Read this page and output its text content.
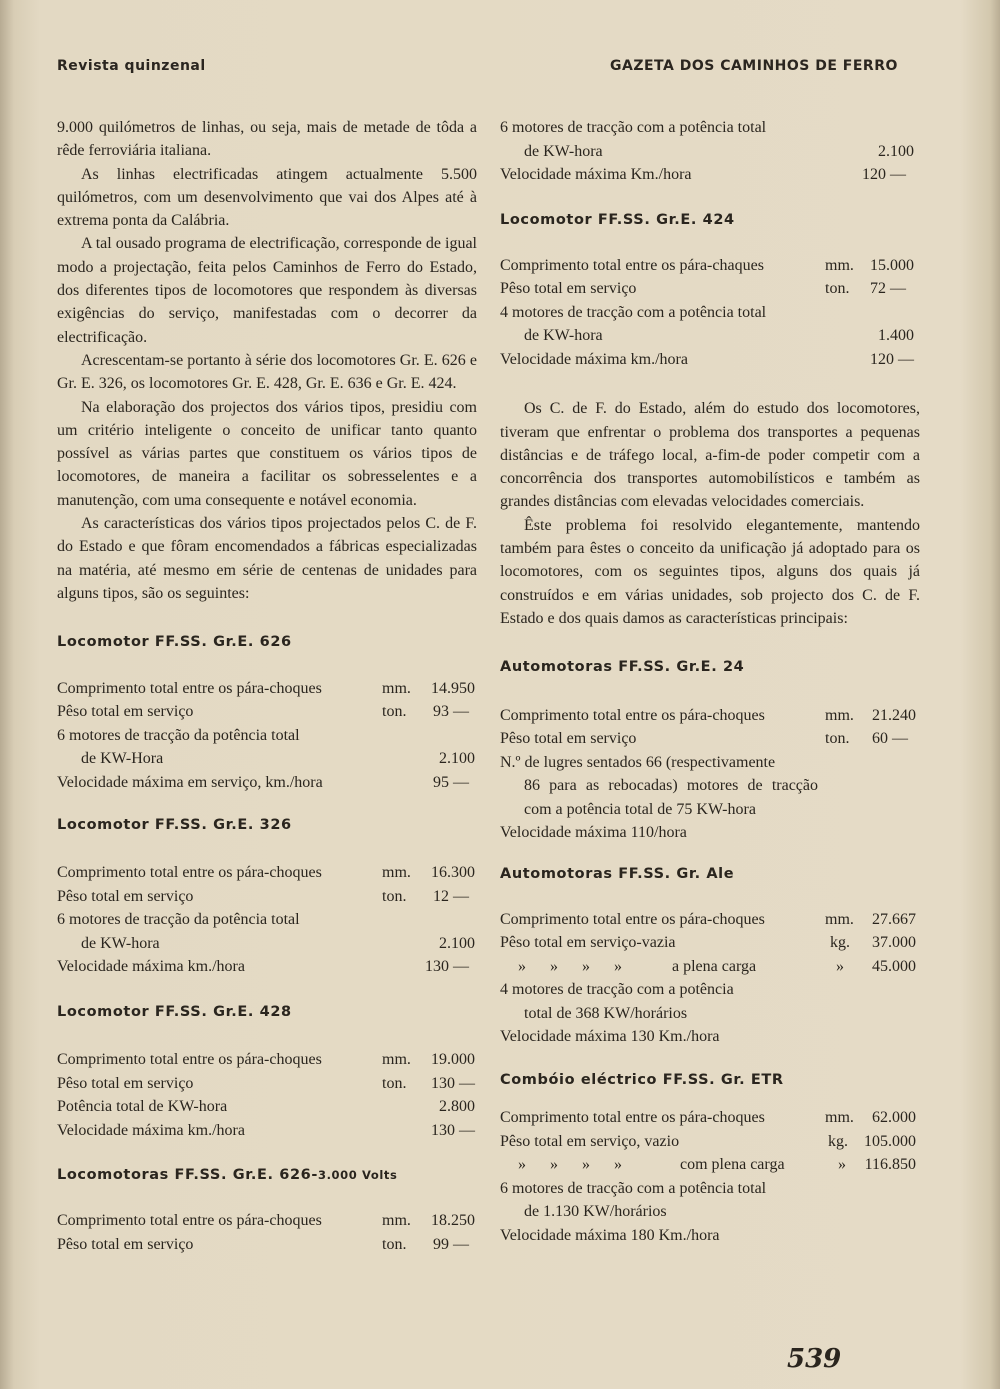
Revista quinzenal	GAZETA DOS CAMINHOS DE FERRO

9.000 quilómetros de linhas, ou seja, mais de metade de tôda a rêde ferroviária italiana.

As linhas electrificadas atingem actualmente 5.500 quilómetros, com um desenvolvimento que vai dos Alpes até à extrema ponta da Calábria.

A tal ousado programa de electrificação, corresponde de igual modo a projectação, feita pelos Caminhos de Ferro do Estado, dos diferentes tipos de locomotores que respondem às diversas exigências do serviço, manifestadas com o decorrer da electrificação.

Acrescentam-se portanto à série dos locomotores Gr. E. 626 e Gr. E. 326, os locomotores Gr. E. 428, Gr. E. 636 e Gr. E. 424.

Na elaboração dos projectos dos vários tipos, presidiu com um critério inteligente o conceito de unificar tanto quanto possível as várias partes que constituem os vários tipos de locomotores, de maneira a facilitar os sobresselentes e a manutenção, com uma consequente e notável economia.

As características dos vários tipos projectados pelos C. de F. do Estado e que fôram encomendados a fábricas especializadas na matéria, até mesmo em série de centenas de unidades para alguns tipos, são os seguintes:

Locomotor FF.SS. Gr.E. 626
Comprimento total entre os pára-choques	mm. 14.950
Pêso total em serviço	ton. 93 —
6 motores de tracção da potência total
de KW-Hora	2.100
Velocidade máxima em serviço, km./hora	95 —
Locomotor FF.SS. Gr.E. 326
Comprimento total entre os pára-choques	mm. 16.300
Pêso total em serviço	ton. 12 —
6 motores de tracção da potência total
de KW-hora	2.100
Velocidade máxima km./hora	130 —
Locomotor FF.SS. Gr.E. 428
Comprimento total entre os pára-choques	mm. 19.000
Pêso total em serviço	ton. 130 —
Potência total de KW-hora	2.800
Velocidade máxima km./hora	130 —
Locomotoras FF.SS. Gr.E. 626-3.000 Volts
Comprimento total entre os pára-choques	mm. 18.250
Pêso total em serviço	ton. 99 —
6 motores de tracção com a potência total
de KW-hora	2.100
Velocidade máxima Km./hora	120 —
Locomotor FF.SS. Gr.E. 424
Comprimento total entre os pára-chaques	mm. 15.000
Pêso total em serviço	ton. 72 —
4 motores de tracção com a potência total
de KW-hora	1.400
Velocidade máxima km./hora	120 —

Os C. de F. do Estado, além do estudo dos locomotores, tiveram que enfrentar o problema dos transportes a pequenas distâncias e de tráfego local, a-fim-de poder competir com a concorrência dos transportes automobilísticos e também as grandes distâncias com elevadas velocidades comerciais.

Êste problema foi resolvido elegantemente, mantendo também para êstes o conceito da unificação já adoptado para os locomotores, com os seguintes tipos, alguns dos quais já construídos e em várias unidades, sob projecto dos C. de F. Estado e dos quais damos as características principais:

Automotoras FF.SS. Gr.E. 24
Comprimento total entre os pára-choques	mm. 21.240
Pêso total em serviço	ton. 60 —
N.º de lugres sentados 66 (respectivamente
86 para as rebocadas) motores de tracção com a potência total de 75 KW-hora
Velocidade máxima 110/hora
Automotoras FF.SS. Gr. Ale
Comprimento total entre os pára-choques	mm. 27.667
Pêso total em serviço-vazia	kg. 37.000
»      »      »      »	a plena carga	» 45.000
4 motores de tracção com a potência
total de 368 KW/horários
Velocidade máxima 130 Km./hora
Combóio eléctrico FF.SS. Gr. ETR
Comprimento total entre os pára-choques	mm. 62.000
Pêso total em serviço, vazio	kg. 105.000
»      »      »      »	com plena carga	» 116.850
6 motores de tracção com a potência total
de 1.130 KW/horários
Velocidade máxima 180 Km./hora
539
